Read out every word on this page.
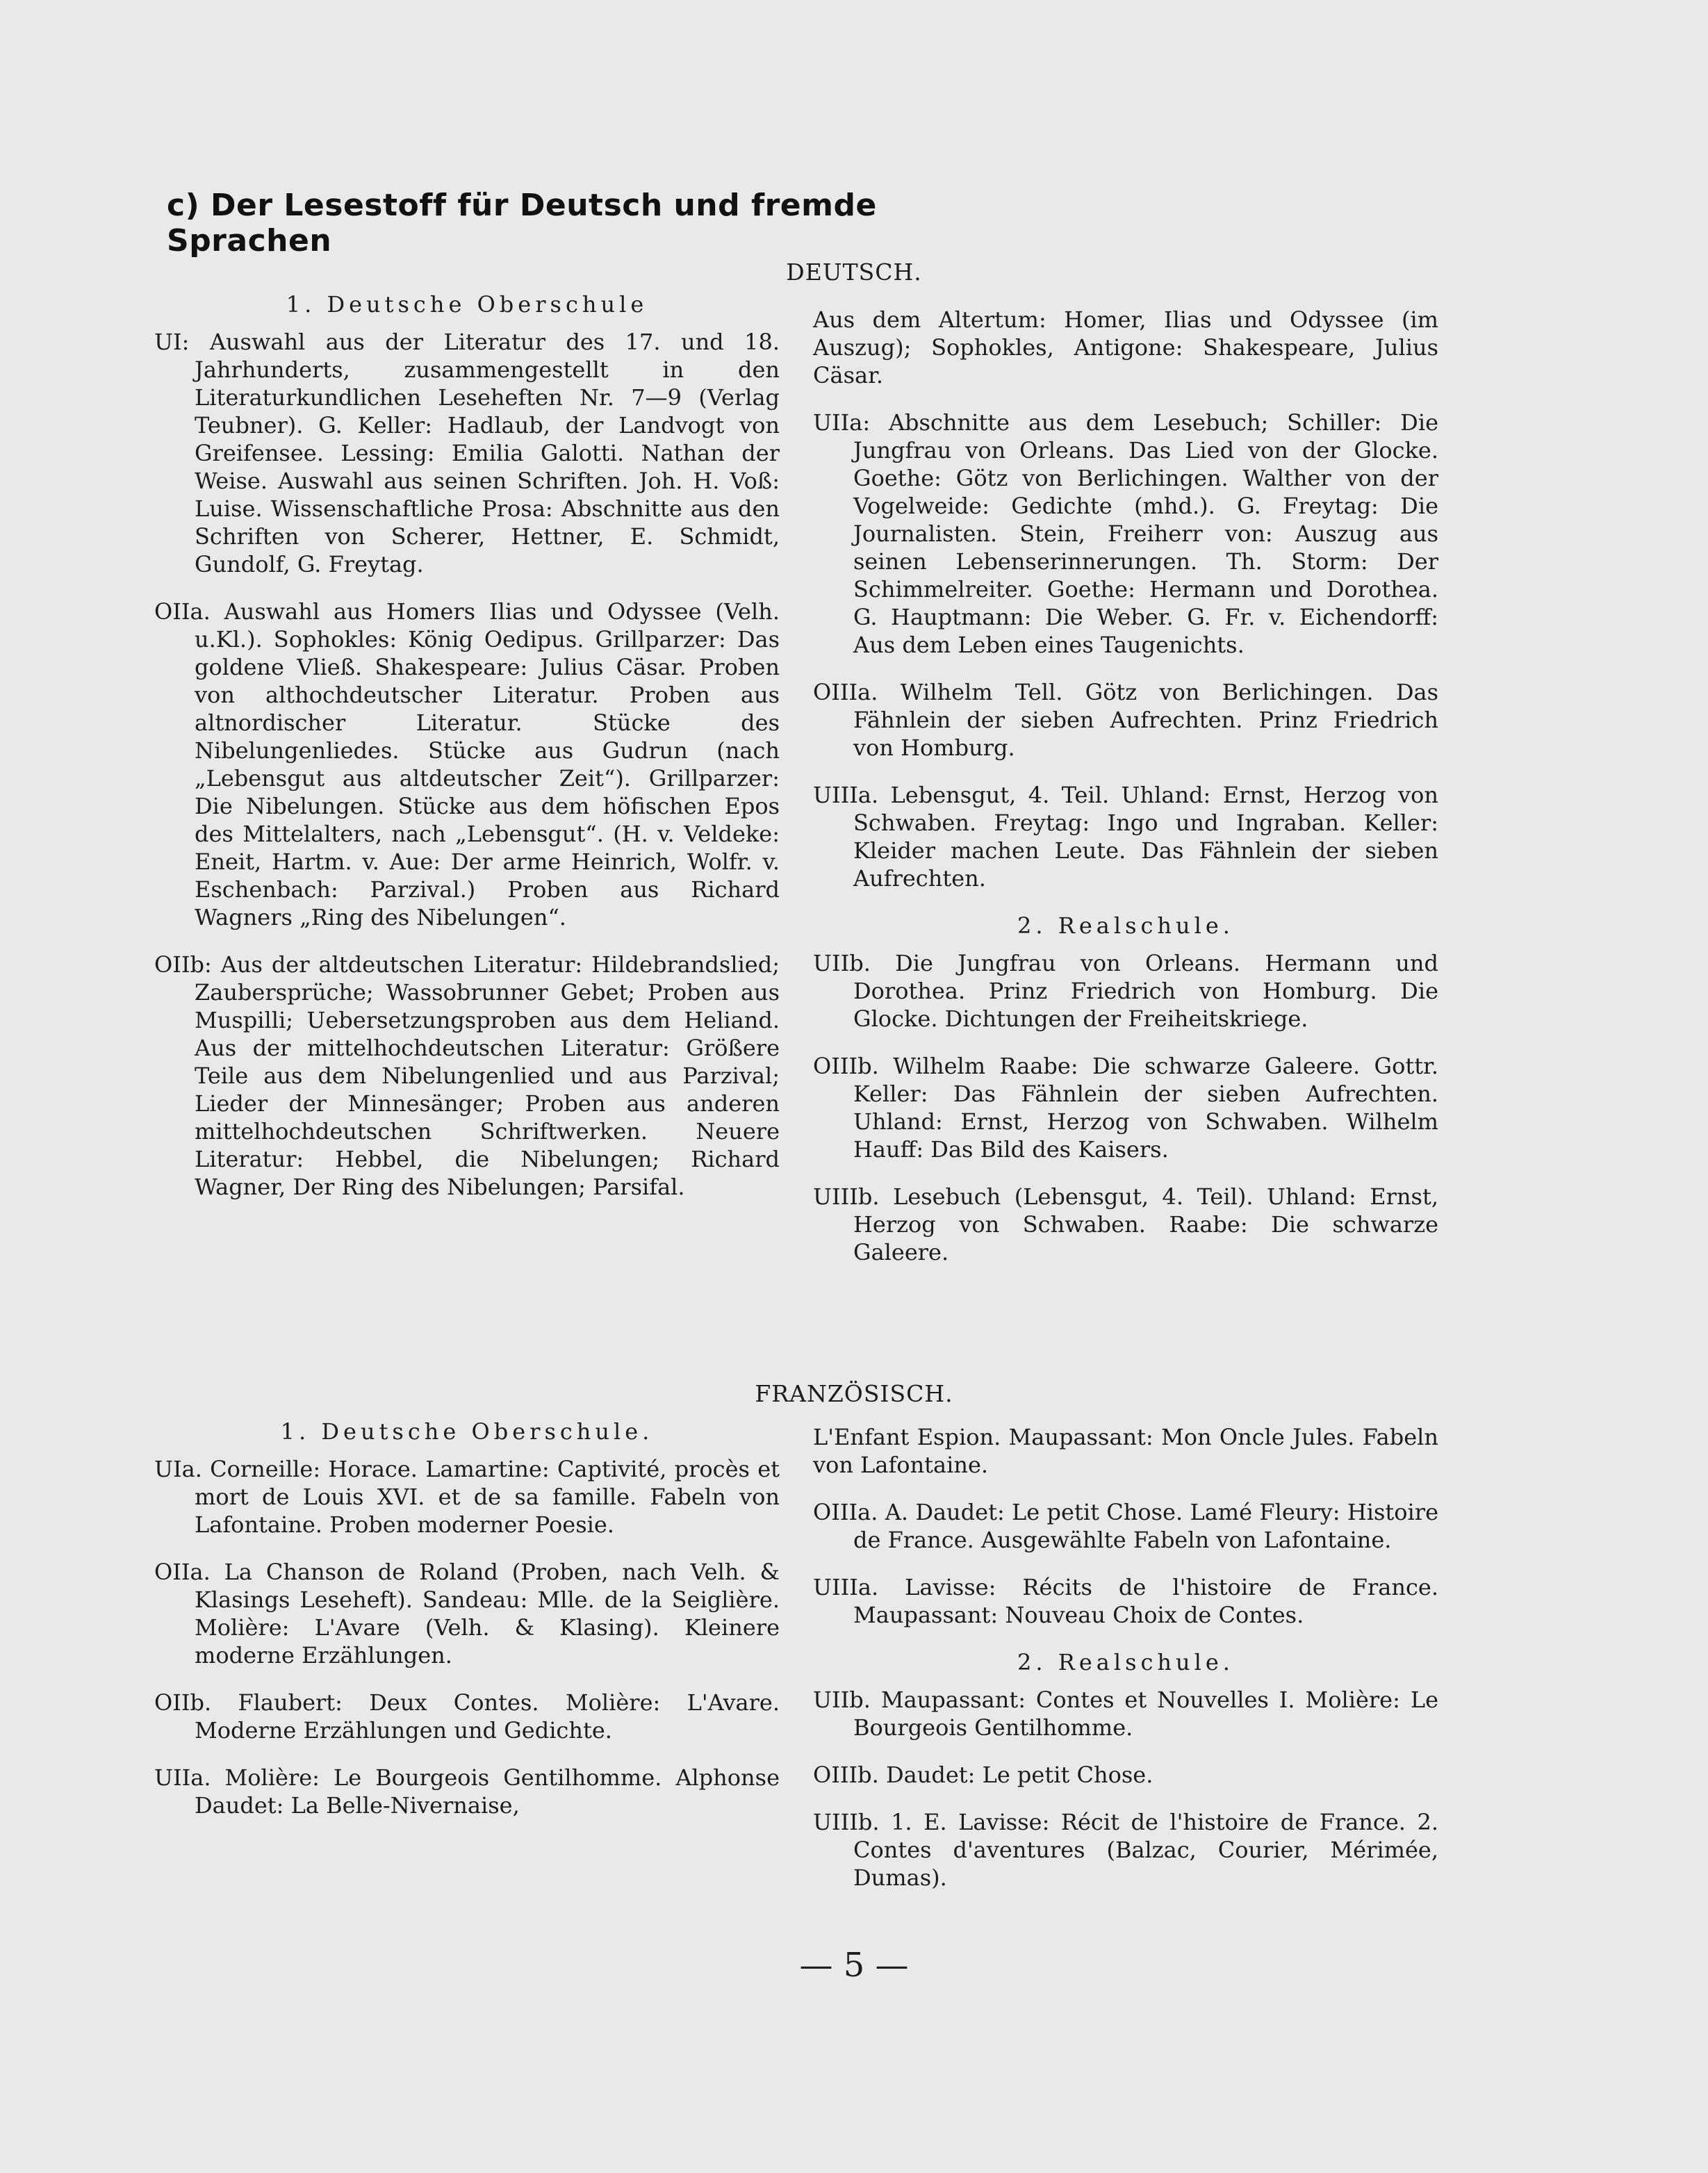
c) Der Lesestoff für Deutsch und fremde Sprachen
DEUTSCH.
1. Deutsche Oberschule
UI: Auswahl aus der Literatur des 17. und 18. Jahrhunderts, zusammengestellt in den Literaturkundlichen Leseheften Nr. 7—9 (Verlag Teubner). G. Keller: Hadlaub, der Landvogt von Greifensee. Lessing: Emilia Galotti. Nathan der Weise. Auswahl aus seinen Schriften. Joh. H. Voß: Luise. Wissenschaftliche Prosa: Abschnitte aus den Schriften von Scherer, Hettner, E. Schmidt, Gundolf, G. Freytag.
OIIa. Auswahl aus Homers Ilias und Odyssee (Velh. u.Kl.). Sophokles: König Oedipus. Grillparzer: Das goldene Vließ. Shakespeare: Julius Cäsar. Proben von althochdeutscher Literatur. Proben aus altnordischer Literatur. Stücke des Nibelungenliedes. Stücke aus Gudrun (nach „Lebensgut aus altdeutscher Zeit“). Grillparzer: Die Nibelungen. Stücke aus dem höfischen Epos des Mittelalters, nach „Lebensgut“. (H. v. Veldeke: Eneit, Hartm. v. Aue: Der arme Heinrich, Wolfr. v. Eschenbach: Parzival.) Proben aus Richard Wagners „Ring des Nibelungen“.
OIIb: Aus der altdeutschen Literatur: Hildebrandslied; Zaubersprüche; Wassobrunner Gebet; Proben aus Muspilli; Uebersetzungsproben aus dem Heliand. Aus der mittelhochdeutschen Literatur: Größere Teile aus dem Nibelungenlied und aus Parzival; Lieder der Minnesänger; Proben aus anderen mittelhochdeutschen Schriftwerken. Neuere Literatur: Hebbel, die Nibelungen; Richard Wagner, Der Ring des Nibelungen; Parsifal.
Aus dem Altertum: Homer, Ilias und Odyssee (im Auszug); Sophokles, Antigone: Shakespeare, Julius Cäsar.
UIIa: Abschnitte aus dem Lesebuch; Schiller: Die Jungfrau von Orleans. Das Lied von der Glocke. Goethe: Götz von Berlichingen. Walther von der Vogelweide: Gedichte (mhd.). G. Freytag: Die Journalisten. Stein, Freiherr von: Auszug aus seinen Lebenserinnerungen. Th. Storm: Der Schimmelreiter. Goethe: Hermann und Dorothea. G. Hauptmann: Die Weber. G. Fr. v. Eichendorff: Aus dem Leben eines Taugenichts.
OIIIa. Wilhelm Tell. Götz von Berlichingen. Das Fähnlein der sieben Aufrechten. Prinz Friedrich von Homburg.
UIIIa. Lebensgut, 4. Teil. Uhland: Ernst, Herzog von Schwaben. Freytag: Ingo und Ingraban. Keller: Kleider machen Leute. Das Fähnlein der sieben Aufrechten.
2. Realschule.
UIIb. Die Jungfrau von Orleans. Hermann und Dorothea. Prinz Friedrich von Homburg. Die Glocke. Dichtungen der Freiheitskriege.
OIIIb. Wilhelm Raabe: Die schwarze Galeere. Gottr. Keller: Das Fähnlein der sieben Aufrechten. Uhland: Ernst, Herzog von Schwaben. Wilhelm Hauff: Das Bild des Kaisers.
UIIIb. Lesebuch (Lebensgut, 4. Teil). Uhland: Ernst, Herzog von Schwaben. Raabe: Die schwarze Galeere.
FRANZÖSISCH.
1. Deutsche Oberschule.
UIa. Corneille: Horace. Lamartine: Captivité, procès et mort de Louis XVI. et de sa famille. Fabeln von Lafontaine. Proben moderner Poesie.
OIIa. La Chanson de Roland (Proben, nach Velh. & Klasings Leseheft). Sandeau: Mlle. de la Seiglière. Molière: L'Avare (Velh. & Klasing). Kleinere moderne Erzählungen.
OIIb. Flaubert: Deux Contes. Molière: L'Avare. Moderne Erzählungen und Gedichte.
UIIa. Molière: Le Bourgeois Gentilhomme. Alphonse Daudet: La Belle-Nivernaise,
L'Enfant Espion. Maupassant: Mon Oncle Jules. Fabeln von Lafontaine.
OIIIa. A. Daudet: Le petit Chose. Lamé Fleury: Histoire de France. Ausgewählte Fabeln von Lafontaine.
UIIIa. Lavisse: Récits de l'histoire de France. Maupassant: Nouveau Choix de Contes.
2. Realschule.
UIIb. Maupassant: Contes et Nouvelles I. Molière: Le Bourgeois Gentilhomme.
OIIIb. Daudet: Le petit Chose.
UIIIb. 1. E. Lavisse: Récit de l'histoire de France. 2. Contes d'aventures (Balzac, Courier, Mérimée, Dumas).
— 5 —
